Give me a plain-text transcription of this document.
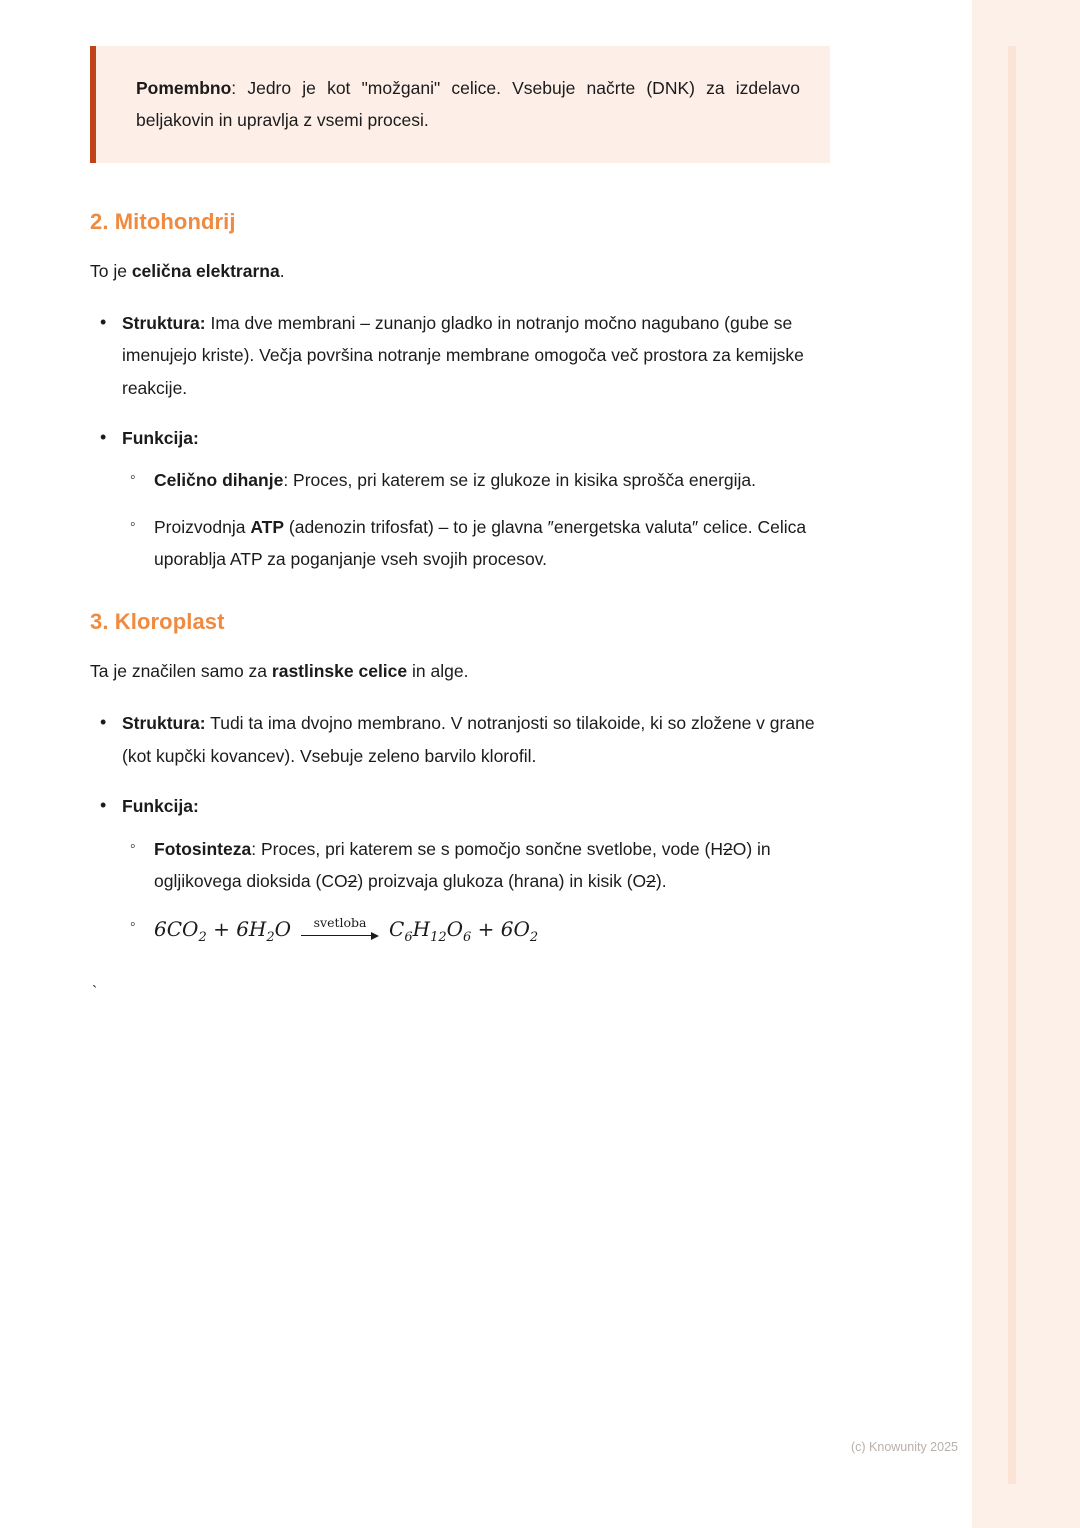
Pomembno: Jedro je kot "možgani" celice. Vsebuje načrte (DNK) za izdelavo beljakovin in upravlja z vsemi procesi.

2. Mitohondrij

To je celična elektrarna.

• Struktura: Ima dve membrani – zunanjo gladko in notranjo močno nagubano (gube se imenujejo kriste). Večja površina notranje membrane omogoča več prostora za kemijske reakcije.
• Funkcija:
◦ Celično dihanje: Proces, pri katerem se iz glukoze in kisika sprošča energija.
◦ Proizvodnja ATP (adenozin trifosfat) – to je glavna ″energetska valuta″ celice. Celica uporablja ATP za poganjanje vseh svojih procesov.
3. Kloroplast

Ta je značilen samo za rastlinske celice in alge.

• Struktura: Tudi ta ima dvojno membrano. V notranjosti so tilakoide, ki so zložene v grane (kot kupčki kovancev). Vsebuje zeleno barvilo klorofil.
• Funkcija:
◦ Fotosinteza: Proces, pri katerem se s pomočjo sončne svetlobe, vode (H2O) in ogljikovega dioksida (CO2) proizvaja glukoza (hrana) in kisik (O2).
◦ $6CO_2 + 6H_2O$ svetloba $C_6H_{12}O_6 + 6O_2$
`
(c) Knowunity 2025
